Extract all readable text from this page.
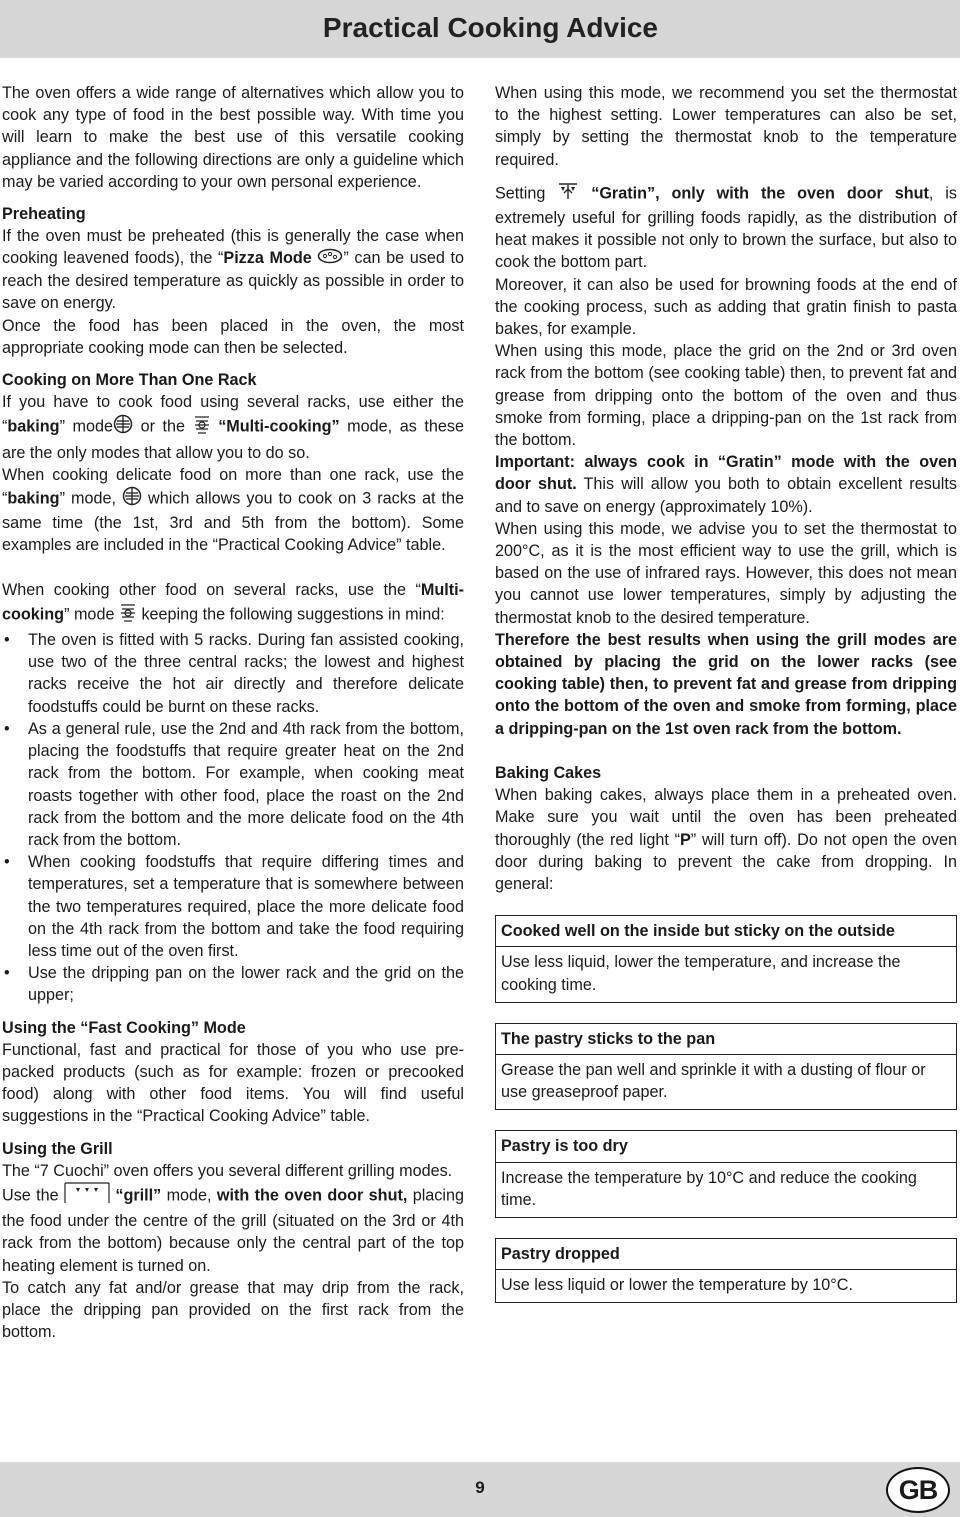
Practical Cooking Advice

The oven offers a wide range of alternatives which allow you to cook any type of food in the best possible way. With time you will learn to make the best use of this versatile cooking appliance and the following directions are only a guideline which may be varied according to your own personal experience.

Preheating

If the oven must be preheated (this is generally the case when cooking leavened foods), the “Pizza Mode ” can be used to reach the desired temperature as quickly as possible in order to save on energy.

Once the food has been placed in the oven, the most appropriate cooking mode can then be selected.

Cooking on More Than One Rack

If you have to cook food using several racks, use either the “baking” mode or the  “Multi-cooking” mode, as these are the only modes that allow you to do so.

When cooking delicate food on more than one rack, use the “baking” mode,  which allows you to cook on 3 racks at the same time (the 1st, 3rd and 5th from the bottom). Some examples are included in the “Practical Cooking Advice” table.

When cooking other food on several racks, use the “Multi-cooking” mode  keeping the following suggestions in mind:

• The oven is fitted with 5 racks. During fan assisted cooking, use two of the three central racks; the lowest and highest racks receive the hot air directly and therefore delicate foodstuffs could be burnt on these racks.
• As a general rule, use the 2nd and 4th rack from the bottom, placing the foodstuffs that require greater heat on the 2nd rack from the bottom. For example, when cooking meat roasts together with other food, place the roast on the 2nd rack from the bottom and the more delicate food on the 4th rack from the bottom.
• When cooking foodstuffs that require differing times and temperatures, set a temperature that is somewhere between the two temperatures required, place the more delicate food on the 4th rack from the bottom and take the food requiring less time out of the oven first.
• Use the dripping pan on the lower rack and the grid on the upper;
Using the “Fast Cooking” Mode

Functional, fast and practical for those of you who use pre-packed products (such as for example: frozen or precooked food) along with other food items. You will find useful suggestions in the “Practical Cooking Advice” table.

Using the Grill

The “7 Cuochi” oven offers you several different grilling modes.

Use the	“grill” mode, with the oven door shut, placing the food under the centre of the grill (situated on the 3rd or 4th rack from the bottom) because only the central part of the top heating element is turned on.

To catch any fat and/or grease that may drip from the rack, place the dripping pan provided on the first rack from the bottom.

When using this mode, we recommend you set the thermostat to the highest setting. Lower temperatures can also be set, simply by setting the thermostat knob to the temperature required.

Setting  “Gratin”, only with the oven door shut, is extremely useful for grilling foods rapidly, as the distribution of heat makes it possible not only to brown the surface, but also to cook the bottom part.

Moreover, it can also be used for browning foods at the end of the cooking process, such as adding that gratin finish to pasta bakes, for example.

When using this mode, place the grid on the 2nd or 3rd oven rack from the bottom (see cooking table) then, to prevent fat and grease from dripping onto the bottom of the oven and thus smoke from forming, place a dripping-pan on the 1st rack from the bottom.

Important: always cook in “Gratin” mode with the oven door shut. This will allow you both to obtain excellent results and to save on energy (approximately 10%).

When using this mode, we advise you to set the thermostat to 200°C, as it is the most efficient way to use the grill, which is based on the use of infrared rays. However, this does not mean you cannot use lower temperatures, simply by adjusting the thermostat knob to the desired temperature.

Therefore the best results when using the grill modes are obtained by placing the grid on the lower racks (see cooking table) then, to prevent fat and grease from dripping onto the bottom of the oven and smoke from forming, place a dripping-pan on the 1st oven rack from the bottom.

Baking Cakes

When baking cakes, always place them in a preheated oven. Make sure you wait until the oven has been preheated thoroughly (the red light “P” will turn off). Do not open the oven door during baking to prevent the cake from dropping. In general:

Cooked well on the inside but sticky on the outside
Use less liquid, lower the temperature, and increase the cooking time.
The pastry sticks to the pan
Grease the pan well and sprinkle it with a dusting of flour or use greaseproof paper.
Pastry is too dry
Increase the temperature by 10°C and reduce the cooking time.
Pastry dropped
Use less liquid or lower the temperature by 10°C.
9	GB
